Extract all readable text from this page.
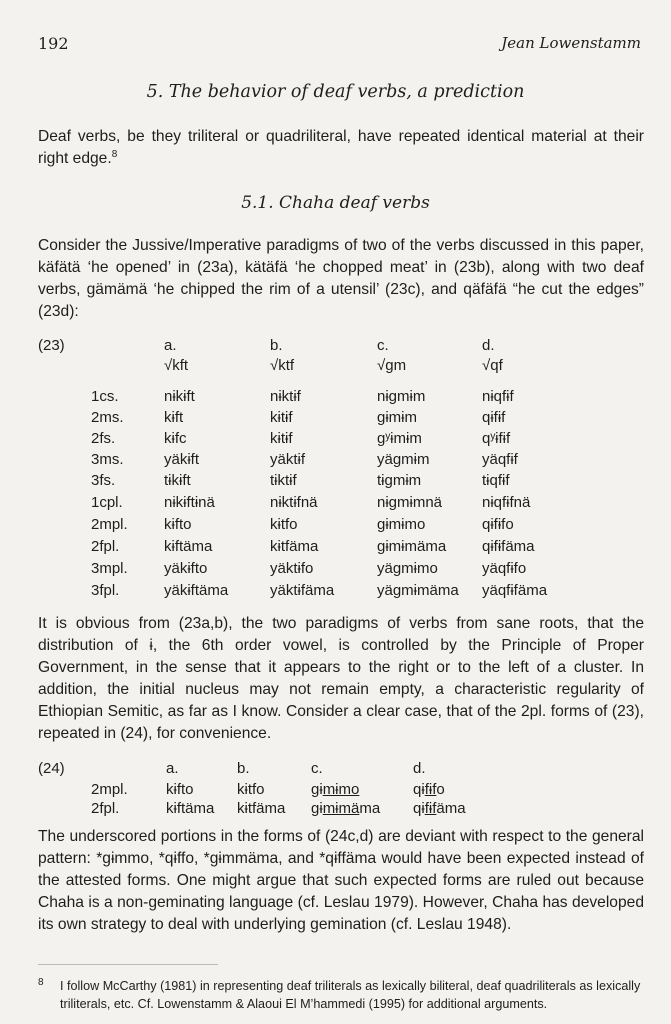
192	Jean Lowenstamm
5. The behavior of deaf verbs, a prediction
Deaf verbs, be they triliteral or quadriliteral, have repeated identical material at their right edge.$^8$
5.1. Chaha deaf verbs
Consider the Jussive/Imperative paradigms of two of the verbs discussed in this paper, käfätä ‘he opened’ in (23a), kätäfä ‘he chopped meat’ in (23b), along with two deaf verbs, gämämä ‘he chipped the rim of a utensil’ (23c), and qäfäfä “he cut the edges” (23d):
(23)	a.	b.	c.	d.
√kft	√ktf	√gm	√qf
1cs.	nɨkɨft	nɨktɨf	nɨgmɨm	nɨqfɨf
2ms.	kɨft	kɨtɨf	gɨmɨm	qɨfɨf
2fs.	kɨfc	kɨtɨf	gʸɨmɨm	qʸɨfɨf
3ms.	yäkɨft	yäktɨf	yägmɨm	yäqfɨf
3fs.	tɨkɨft	tɨktɨf	tɨgmɨm	tɨqfɨf
1cpl.	nɨkɨftɨnä	nɨktɨfnä	nɨgmɨmnä	nɨqfɨfnä
2mpl. kɨfto	kɨtfo	gɨmɨmo	qɨfɨfo
2fpl.	kɨftäma	kɨtfäma	gɨmɨmäma qɨfɨfäma
3mpl. yäkɨfto	yäktɨfo	yägmɨmo	yäqfɨfo
3fpl.	yäkɨftäma	yäktɨfäma	yägmɨmäma yäqfɨfäma
It is obvious from (23a,b), the two paradigms of verbs from sane roots, that the distribution of ɨ, the 6th order vowel, is controlled by the Principle of Proper Government, in the sense that it appears to the right or to the left of a cluster. In addition, the initial nucleus may not remain empty, a characteristic regularity of Ethiopian Semitic, as far as I know. Consider a clear case, that of the 2pl. forms of (23), repeated in (24), for convenience.
(24)	a.	b.	c.	d.
2mpl.	kɨfto	kɨtfo	gɨmɨmo	qɨfɨfo
2fpl.	kɨftäma kɨtfäma gɨmɨmäma qɨfɨfäma
The underscored portions in the forms of (24c,d) are deviant with respect to the general pattern: *gɨmmo, *qɨffo, *gɨmmäma, and *qɨffäma would have been expected instead of the attested forms. One might argue that such expected forms are ruled out because Chaha is a non-geminating language (cf. Leslau 1979). However, Chaha has developed its own strategy to deal with underlying gemination (cf. Leslau 1948).
8 I follow McCarthy (1981) in representing deaf triliterals as lexically biliteral, deaf quadriliterals as lexically triliterals, etc. Cf. Lowenstamm & Alaoui El M’hammedi (1995) for additional arguments.
